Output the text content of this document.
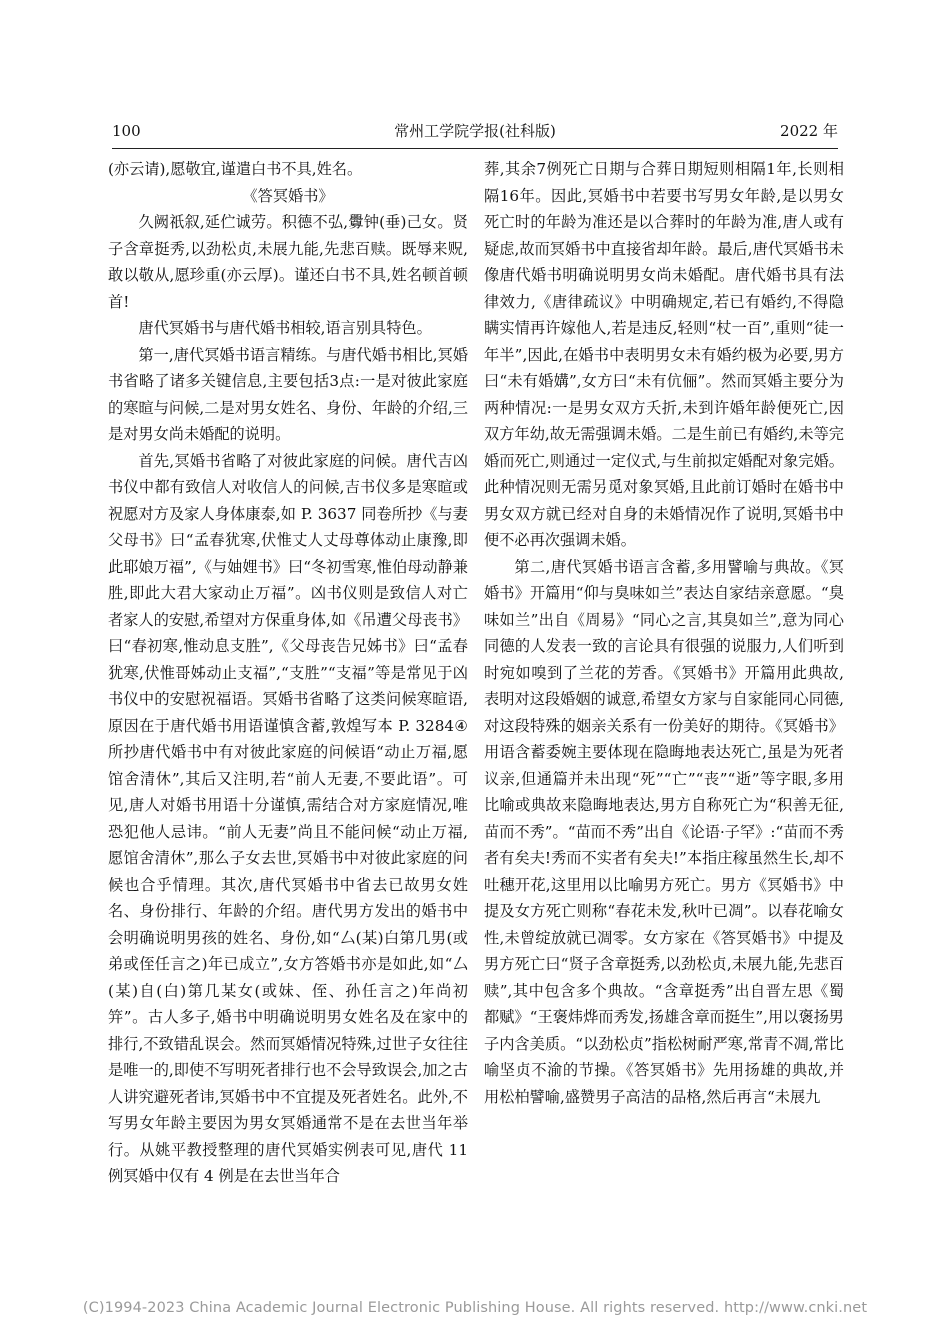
100	常州工学院学报(社科版)	2022 年

(亦云请),愿敬宜,谨遣白书不具,姓名。

《答冥婚书》

久阙祇叙,延伫诚劳。积德不弘,釁钟(垂)己女。贤子含章挺秀,以劲松贞,未展九能,先悲百赎。既辱来贶,敢以敬从,愿珍重(亦云厚)。谨还白书不具,姓名顿首顿首!

唐代冥婚书与唐代婚书相较,语言别具特色。

第一,唐代冥婚书语言精练。与唐代婚书相比,冥婚书省略了诸多关键信息,主要包括3点:一是对彼此家庭的寒暄与问候,二是对男女姓名、身份、年龄的介绍,三是对男女尚未婚配的说明。

首先,冥婚书省略了对彼此家庭的问候。唐代吉凶书仪中都有致信人对收信人的问候,吉书仪多是寒暄或祝愿对方及家人身体康泰,如 P. 3637 同卷所抄《与妻父母书》曰“孟春犹寒,伏惟丈人丈母尊体动止康豫,即此耶娘万福”,《与妯娌书》曰“冬初雪寒,惟伯母动静兼胜,即此大君大家动止万福”。凶书仪则是致信人对亡者家人的安慰,希望对方保重身体,如《吊遭父母丧书》曰“春初寒,惟动息支胜”,《父母丧告兄姊书》曰“孟春犹寒,伏惟哥姊动止支福”,“支胜”“支福”等是常见于凶书仪中的安慰祝福语。冥婚书省略了这类问候寒暄语,原因在于唐代婚书用语谨慎含蓄,敦煌写本 P. 3284④所抄唐代婚书中有对彼此家庭的问候语“动止万福,愿馆舍清休”,其后又注明,若“前人无妻,不要此语”。可见,唐人对婚书用语十分谨慎,需结合对方家庭情况,唯恐犯他人忌讳。“前人无妻”尚且不能问候“动止万福,愿馆舍清休”,那么子女去世,冥婚书中对彼此家庭的问候也合乎情理。其次,唐代冥婚书中省去已故男女姓名、身份排行、年龄的介绍。唐代男方发出的婚书中会明确说明男孩的姓名、身份,如“厶(某)白第几男(或弟或侄任言之)年已成立”,女方答婚书亦是如此,如“厶(某)自(白)第几某女(或妹、侄、孙任言之)年尚初笄”。古人多子,婚书中明确说明男女姓名及在家中的排行,不致错乱误会。然而冥婚情况特殊,过世子女往往是唯一的,即使不写明死者排行也不会导致误会,加之古人讲究避死者讳,冥婚书中不宜提及死者姓名。此外,不写男女年龄主要因为男女冥婚通常不是在去世当年举行。从姚平教授整理的唐代冥婚实例表可见,唐代 11 例冥婚中仅有 4 例是在去世当年合

葬,其余7例死亡日期与合葬日期短则相隔1年,长则相隔16年。因此,冥婚书中若要书写男女年龄,是以男女死亡时的年龄为准还是以合葬时的年龄为准,唐人或有疑虑,故而冥婚书中直接省却年龄。最后,唐代冥婚书未像唐代婚书明确说明男女尚未婚配。唐代婚书具有法律效力,《唐律疏议》中明确规定,若已有婚约,不得隐瞒实情再许嫁他人,若是违反,轻则“杖一百”,重则“徒一年半”,因此,在婚书中表明男女未有婚约极为必要,男方曰“未有婚媾”,女方曰“未有伉俪”。然而冥婚主要分为两种情况:一是男女双方夭折,未到许婚年龄便死亡,因双方年幼,故无需强调未婚。二是生前已有婚约,未等完婚而死亡,则通过一定仪式,与生前拟定婚配对象完婚。此种情况则无需另觅对象冥婚,且此前订婚时在婚书中男女双方就已经对自身的未婚情况作了说明,冥婚书中便不必再次强调未婚。

第二,唐代冥婚书语言含蓄,多用譬喻与典故。《冥婚书》开篇用“仰与臭味如兰”表达自家结亲意愿。“臭味如兰”出自《周易》“同心之言,其臭如兰”,意为同心同德的人发表一致的言论具有很强的说服力,人们听到时宛如嗅到了兰花的芳香。《冥婚书》开篇用此典故,表明对这段婚姻的诚意,希望女方家与自家能同心同德,对这段特殊的姻亲关系有一份美好的期待。《冥婚书》用语含蓄委婉主要体现在隐晦地表达死亡,虽是为死者议亲,但通篇并未出现“死”“亡”“丧”“逝”等字眼,多用比喻或典故来隐晦地表达,男方自称死亡为“积善无征,苗而不秀”。“苗而不秀”出自《论语·子罕》:“苗而不秀者有矣夫!秀而不实者有矣夫!”本指庄稼虽然生长,却不吐穗开花,这里用以比喻男方死亡。男方《冥婚书》中提及女方死亡则称“春花未发,秋叶已凋”。以春花喻女性,未曾绽放就已凋零。女方家在《答冥婚书》中提及男方死亡曰“贤子含章挺秀,以劲松贞,未展九能,先悲百赎”,其中包含多个典故。“含章挺秀”出自晋左思《蜀都赋》“王褒炜烨而秀发,扬雄含章而挺生”,用以褒扬男子内含美质。“以劲松贞”指松树耐严寒,常青不凋,常比喻坚贞不渝的节操。《答冥婚书》先用扬雄的典故,并用松柏譬喻,盛赞男子高洁的品格,然后再言“未展九

(C)1994-2023 China Academic Journal Electronic Publishing House. All rights reserved. http://www.cnki.net
